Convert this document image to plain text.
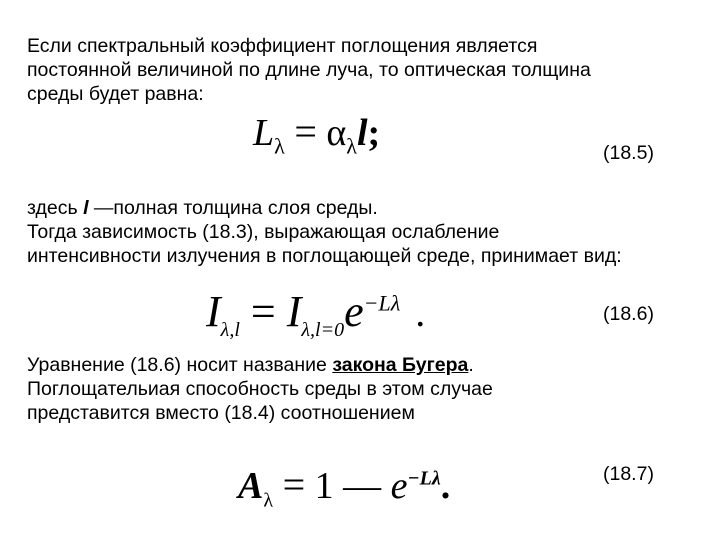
Если спектральный коэффициент поглощения является
постоянной величиной по длине луча, то оптическая толщина
среды будет равна:
$L_\lambda = \alpha_\lambda l$;	(18.5)
здесь l —полная толщина слоя среды.
Тогда зависимость (18.3), выражающая ослабление
интенсивности излучения в поглощающей среде, принимает вид:
$I_{\lambda,l} = I_{\lambda,l=0}e^{-L\lambda}$ .	(18.6)
Уравнение (18.6) носит название закона Бугера.
Поглощательиая способность среды в этом случае
представится вместо (18.4) соотношением
$A_\lambda = 1$ — $e^{-L\lambda}$.	(18.7)
